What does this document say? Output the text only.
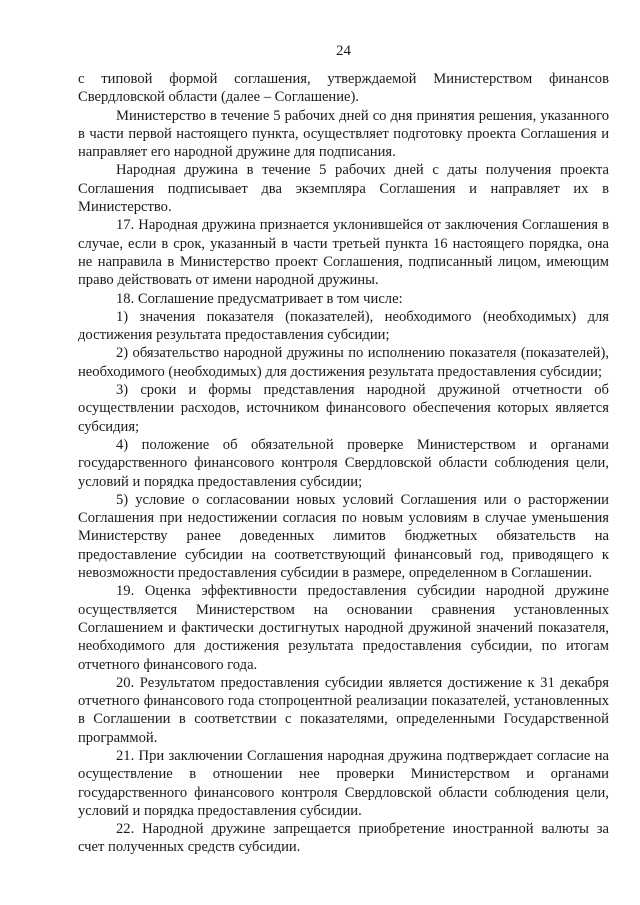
24

с типовой формой соглашения, утверждаемой Министерством финансов Свердловской области (далее – Соглашение).

Министерство в течение 5 рабочих дней со дня принятия решения, указанного в части первой настоящего пункта, осуществляет подготовку проекта Соглашения и направляет его народной дружине для подписания.

Народная дружина в течение 5 рабочих дней с даты получения проекта Соглашения подписывает два экземпляра Соглашения и направляет их в Министерство.

17. Народная дружина признается уклонившейся от заключения Соглашения в случае, если в срок, указанный в части третьей пункта 16 настоящего порядка, она не направила в Министерство проект Соглашения, подписанный лицом, имеющим право действовать от имени народной дружины.

18. Соглашение предусматривает в том числе:

1) значения показателя (показателей), необходимого (необходимых) для достижения результата предоставления субсидии;

2) обязательство народной дружины по исполнению показателя (показателей), необходимого (необходимых) для достижения результата предоставления субсидии;

3) сроки и формы представления народной дружиной отчетности об осуществлении расходов, источником финансового обеспечения которых является субсидия;

4) положение об обязательной проверке Министерством и органами государственного финансового контроля Свердловской области соблюдения цели, условий и порядка предоставления субсидии;

5) условие о согласовании новых условий Соглашения или о расторжении Соглашения при недостижении согласия по новым условиям в случае уменьшения Министерству ранее доведенных лимитов бюджетных обязательств на предоставление субсидии на соответствующий финансовый год, приводящего к невозможности предоставления субсидии в размере, определенном в Соглашении.

19. Оценка эффективности предоставления субсидии народной дружине осуществляется Министерством на основании сравнения установленных Соглашением и фактически достигнутых народной дружиной значений показателя, необходимого для достижения результата предоставления субсидии, по итогам отчетного финансового года.

20. Результатом предоставления субсидии является достижение к 31 декабря отчетного финансового года стопроцентной реализации показателей, установленных в Соглашении в соответствии с показателями, определенными Государственной программой.

21. При заключении Соглашения народная дружина подтверждает согласие на осуществление в отношении нее проверки Министерством и органами государственного финансового контроля Свердловской области соблюдения цели, условий и порядка предоставления субсидии.

22. Народной дружине запрещается приобретение иностранной валюты за счет полученных средств субсидии.
